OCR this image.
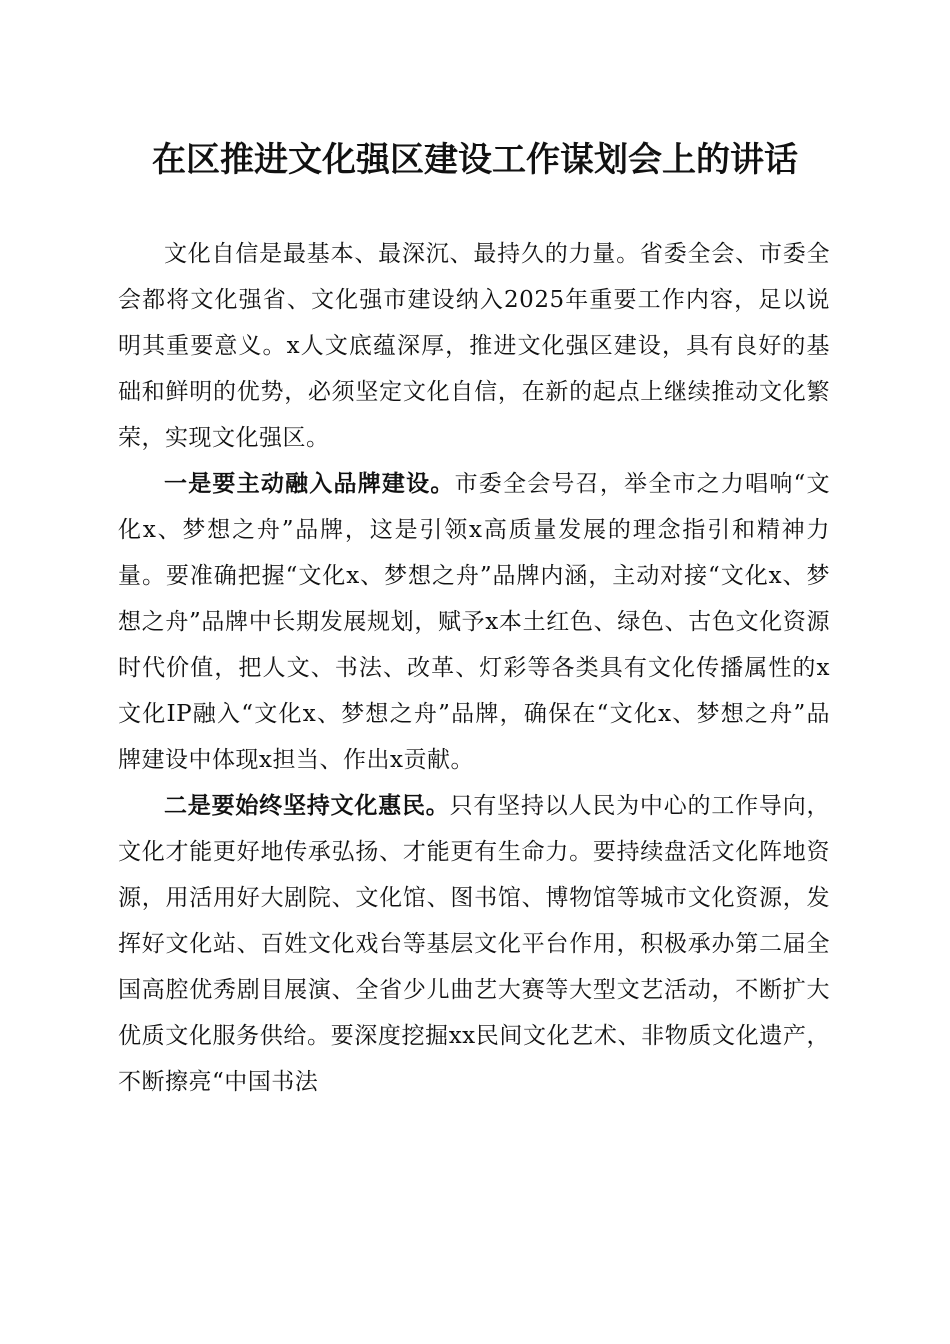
在区推进文化强区建设工作谋划会上的讲话

文化自信是最基本、最深沉、最持久的力量。省委全会、市委全会都将文化强省、文化强市建设纳入2025年重要工作内容，足以说明其重要意义。x人文底蕴深厚，推进文化强区建设，具有良好的基础和鲜明的优势，必须坚定文化自信，在新的起点上继续推动文化繁荣，实现文化强区。

一是要主动融入品牌建设。市委全会号召，举全市之力唱响“文化x、梦想之舟”品牌，这是引领x高质量发展的理念指引和精神力量。要准确把握“文化x、梦想之舟”品牌内涵，主动对接“文化x、梦想之舟”品牌中长期发展规划，赋予x本土红色、绿色、古色文化资源时代价值，把人文、书法、改革、灯彩等各类具有文化传播属性的x文化IP融入“文化x、梦想之舟”品牌，确保在“文化x、梦想之舟”品牌建设中体现x担当、作出x贡献。

二是要始终坚持文化惠民。只有坚持以人民为中心的工作导向，文化才能更好地传承弘扬、才能更有生命力。要持续盘活文化阵地资源，用活用好大剧院、文化馆、图书馆、博物馆等城市文化资源，发挥好文化站、百姓文化戏台等基层文化平台作用，积极承办第二届全国高腔优秀剧目展演、全省少儿曲艺大赛等大型文艺活动，不断扩大优质文化服务供给。要深度挖掘xx民间文化艺术、非物质文化遗产，不断擦亮“中国书法
